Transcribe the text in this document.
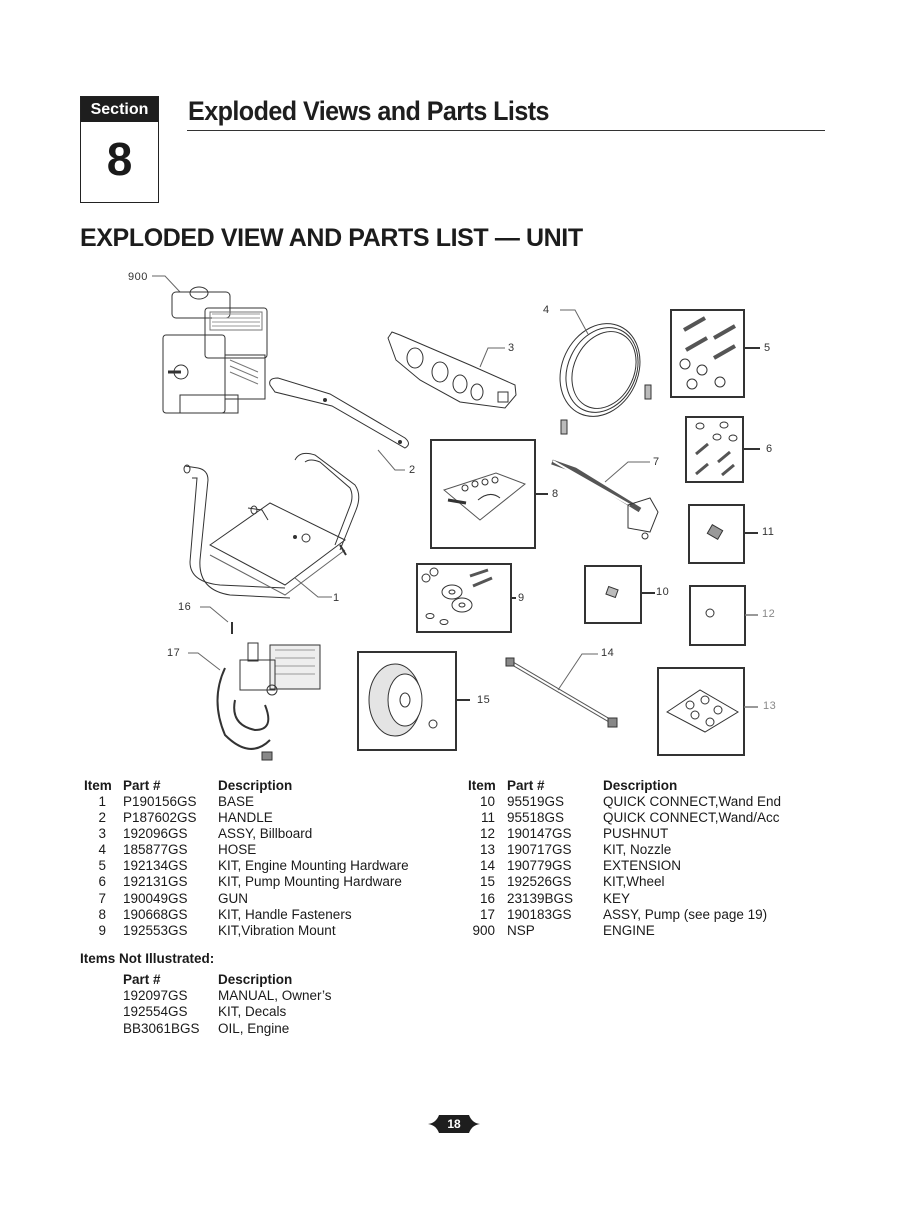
Section
8
Exploded Views and Parts Lists
EXPLODED VIEW AND PARTS LIST — UNIT
900
1
2
3
4
5
6
7
8
9	10
11
12
13
14
15
16
17
Item Part #	Description	Item Part #	Description
1 P190156GS BASE
2 P187602GS HANDLE
3 192096GS ASSY, Billboard
4 185877GS HOSE
5 192134GS KIT, Engine Mounting Hardware
6 192131GS KIT, Pump Mounting Hardware
7 190049GS GUN
8 190668GS KIT, Handle Fasteners
9 192553GS KIT,Vibration Mount
10 95519GS	QUICK CONNECT,Wand End
11 95518GS	QUICK CONNECT,Wand/Acc
12 190147GS PUSHNUT
13 190717GS KIT, Nozzle
14 190779GS EXTENSION
15 192526GS KIT,Wheel
16 23139BGS KEY
17 190183GS ASSY, Pump (see page 19)
900 NSP	ENGINE
Items Not Illustrated:
Part #	Description
192097GS MANUAL, Owner’s
192554GS KIT, Decals
BB3061BGS OIL, Engine
18
